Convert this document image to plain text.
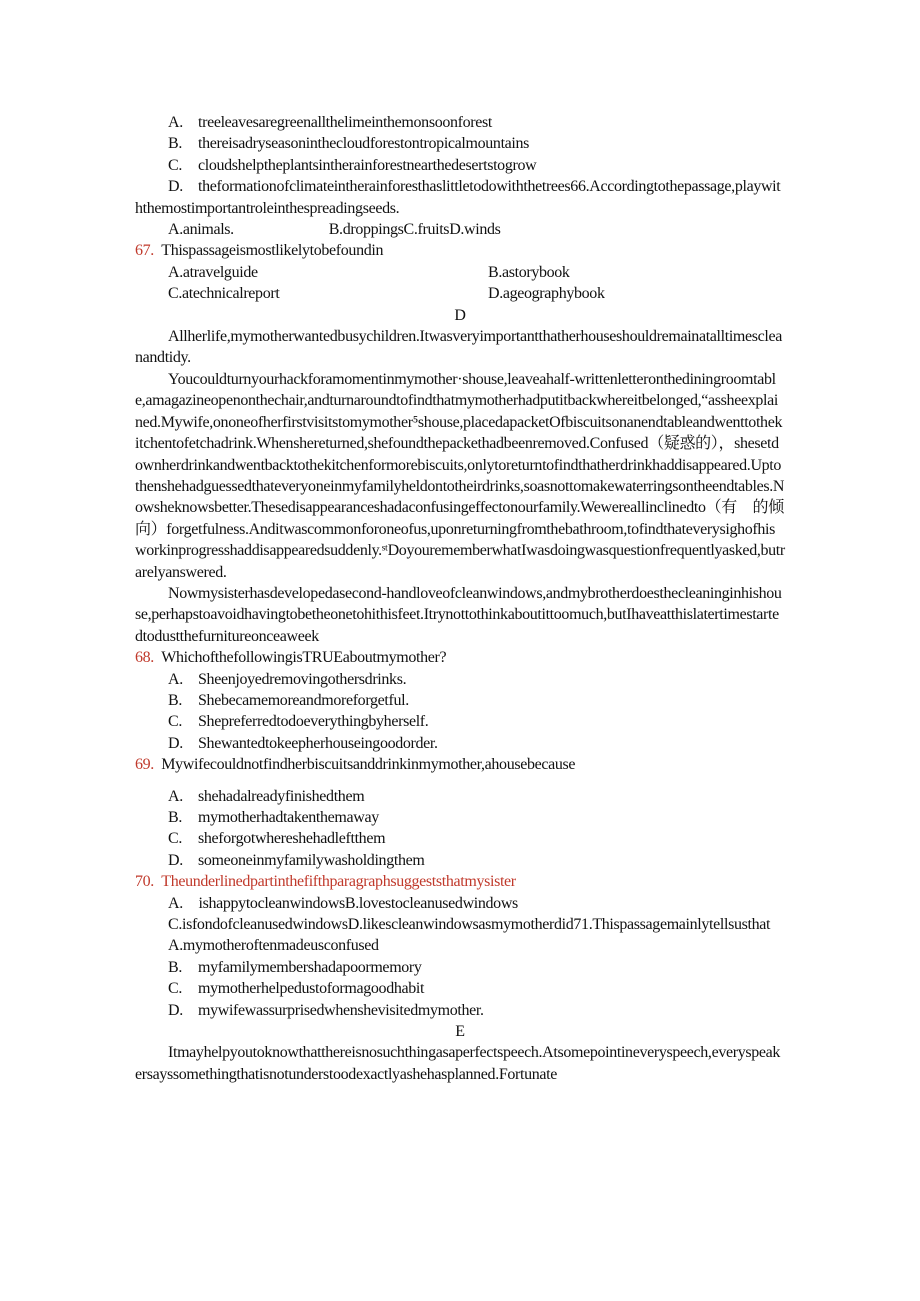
A. treeleavesaregreenallthelimeinthemonsoonforest
B. thereisadryseasoninthecloudforestontropicalmountains
C. cloudshelptheplantsintherainforestnearthedesertstogrow
D. theformationofclimateintherainforesthaslittletodowiththetrees66.Accordingtothepassage,playwiththemostimportantroleinthespreadingseeds.
A.animals.                          B.droppingsC.fruitsD.winds
67. Thispassageismostlikelytobefoundin
A.atravelguide	B.astorybook
C.atechnicalreport	D.ageographybook
D
Allherlife,mymotherwantedbusychildren.Itwasveryimportantthatherhouseshouldremainatalltimescleanandtidy.
Youcouldturnyourhackforamomentinmymother·shouse,leaveahalf-writtenletteronthediningroomtable,amagazineopenonthechair,andturnaroundtofindthatmymotherhadputitbackwhereitbelonged,“assheexplained.Mywife,ononeofherfirstvisitstomymother⁵shouse,placedapacketOfbiscuitsonanendtableandwenttothekitchentofetchadrink.Whenshereturned,shefoundthepackethadbeenremoved.Confused（疑惑的），shesetdownherdrinkandwentbacktothekitchenformorebiscuits,onlytoreturntofindthatherdrinkhaddisappeared.Uptothenshehadguessedthateveryoneinmyfamilyheldontotheirdrinks,soasnottomakewaterringsontheendtables.Nowsheknowsbetter.Thesedisappearanceshadaconfusingeffectonourfamily.Wewereallinclinedto（有　的倾向）forgetfulness.Anditwascommonforoneofus,uponreturningfromthebathroom,tofindthateverysighofhisworkinprogresshaddisappearedsuddenly.ˢᵗDoyourememberwhatIwasdoingwasquestionfrequentlyasked,butrarelyanswered.
Nowmysisterhasdevelopedasecond-handloveofcleanwindows,andmybrotherdoesthecleaninginhishouse,perhapstoavoidhavingtobetheonetohithisfeet.Itrynottothinkaboutittoomuch,butIhaveatthislatertimestartedtodustthefurnitureonceaweek
68. WhichofthefollowingisTRUEaboutmymother?
A. Sheenjoyedremovingothersdrinks.
B. Shebecamemoreandmoreforgetful.
C. Shepreferredtodoeverythingbyherself.
D. Shewantedtokeepherhouseingoodorder.
69. Mywifecouldnotfindherbiscuitsanddrinkinmymother,ahousebecause
A. shehadalreadyfinishedthem
B. mymotherhadtakenthemaway
C. sheforgotwhereshehadleftthem
D. someoneinmyfamilywasholdingthem
70. Theunderlinedpartinthefifthparagraphsuggeststhatmysister
A.　ishappytocleanwindowsB.lovestocleanusedwindows
C.isfondofcleanusedwindowsD.likescleanwindowsasmymotherdid71.Thispassagemainlytellsusthat
A.mymotheroftenmadeusconfused
B. myfamilymembershadapoormemory
C. mymotherhelpedustoformagoodhabit
D. mywifewassurprisedwhenshevisitedmymother.
E
Itmayhelpyoutoknowthatthereisnosuchthingasaperfectspeech.Atsomepointineveryspeech,everyspeakersayssomethingthatisnotunderstoodexactlyashehasplanned.Fortunate
